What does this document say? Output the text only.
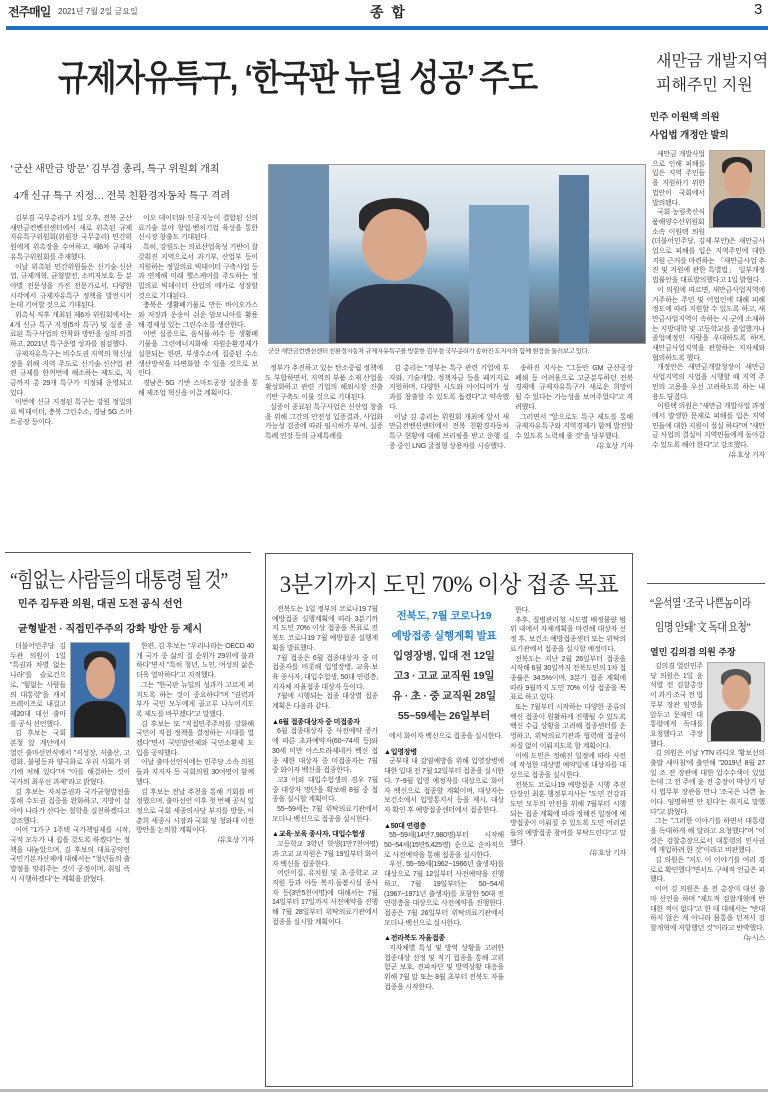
전주매일 2021년 7월 2일 금요일	종 합	3
규제자유특구, ‘한국판 뉴딜 성공’ 주도
‘군산 새만금 방문’ 김부겸 총리, 특구 위원회 개최
4개 신규 특구 지정… 전북 친환경자동차 특구 격려

김부겸 국무총리가 1일 오후, 전북 군산 새만금컨벤션센터에서 새로 위촉된 규제자유특구위원회(위원장 국무총리) 민간위원에게 위촉장을 수여하고, 제6차 규제자유특구위원회를 주재했다.

이날 위촉된 민간위원들은 신기술·신산업, 규제개혁, 균형발전, 소비자보호 등 분야별 전문성을 가진 전문가로서, 다양한 시각에서 규제자유특구 정책을 발전시키는데 기여할 것으로 기대된다.

위촉식 직후 개최된 제6차 위원회에서는 4개 신규 특구 지정(5차 특구) 및 실증 종료된 특구사업의 안착화 방안을 심의·의결하고, 2021년 특구운영 성과를 점검했다.

규제자유특구는 비수도권 지역의 혁신성장을 위해 지역 주도로 신기술·신산업 관련 규제를 한꺼번에 해소하는 제도로, 지금까지 총 29개 특구가 지정돼 운영되고 있다.

이번에 신규 지정된 특구는 강원 정밀의료 빅데이터, 충북 그린수소, 경남 5G 스마트공장 등이다.

이오 데이터와 인공지능이 결합된 신의료기술 분야 창업·벤처기업 육성을 통한 신시장 창출도 기대된다.

특히, 강원도는 의료산업육성 기반이 잘 갖춰진 지역으로서 과기부, 산업부 등이 지원하는 정밀의료 빅데이터 구축사업 등과 연계해 미래 헬스케어를 주도하는 정밀의료 빅데이터 산업의 메카로 성장할 것으로 기대된다.

충북은 생활폐기물로 만든 바이오가스와 저장과 운송이 쉬운 암모니아를 활용해 경제성 있는 그린수소를 생산한다.

이번 실증으로, 음식물·하수 등 생활폐기물을 그린에너지화해 자원순환경제가 실현되는 한편, 부생수소에 집중된 수소 생산방식을 다변화할 수 있을 것으로 보인다.

경남은 5G 기반 스마트공장 실증을 통해 제조업 혁신을 이끌 계획이다.

군산 새만금컨벤션센터 친환경자동차 규제자유특구를 방문한 김부겸 국무총리가 송하진 도지사와 함께 현장을 둘러보고 있다.

정부가 추진하고 있는 탄소중립 정책에도 부합하면서, 지역의 부품·소재 산업을 활성화하고 관련 기업의 해외시장 진출 기반 구축도 이룰 것으로 기대된다.

실증이 종료된 특구사업은 신산업 창출을 위해 그간의 안전성 입증결과, 사업화 가능성 검증에 따라 임시허가 부여, 실증특례 연장 등의 규제특례를

김 총리는 "정부는 특구 관련 기업에 투자와, 기술개발, 정책자금 등을 패키지로 지원하며, 다양한 시도와 아이디어가 성과를 창출할 수 있도록 돕겠다"고 약속했다.

이날 김 총리는 위원회 개최에 앞서 새만금컨벤션센터에서 전북 친환경자동차특구 현황에 대해 브리핑을 받고 운행 실증 중인 LNG 굴절형 상용차를 시승했다.

송하진 지사는 "그동안 GM 군산공장 폐쇄 등 어려움으로 고군분투하던 전북 경제에 규제자유특구가 새로운 희망이 될 수 있다는 가능성을 보여주었다"고 격려했다.

그러면서 "앞으로도 특구 제도를 통해 규제자유특구와 지역경제가 함께 발전할 수 있도록 노력해 줄 것"을 당부했다.

/유호상 기자

새만금 개발지역
피해주민 지원
민주 이원택 의원
사업법 개정안 발의

새만금 개발사업으로 인해 피해를 입은 지역 주민들을 지원하기 위한 법안이 국회에서 발의됐다.

국회 농림축산식품해양수산위원회 소속 이원택 의원(더불어민주당, 김제·부안)은 새만금사업으로 피해를 입은 지역주민에 대한 지원 근거를 마련하는 「새만금사업 추진 및 지원에 관한 특별법」 일부개정법률안을 대표발의했다고 1일 밝혔다.

이 의원에 따르면, 새만금사업지역에 거주하는 주민 및 어업인에 대해 피해 정도에 따라 지원할 수 있도록 하고, 새만금사업지역이 속하는 시·군에 소재하는 지방대학 및 고등학교를 졸업했거나 졸업예정인 사람을 우대하도록 하며, 새만금사업지역을 관할하는 지자체와 협의하도록 했다.

개정안은 새만금개발청장이 새만금사업지역의 사업을 시행할 때 지역 주민의 고용을 우선 고려하도록 하는 내용도 담겼다.

이원택 의원은 "새만금 개발사업 과정에서 발생한 문제로 피해를 입은 지역민들에 대한 지원이 절실 하다"며 "새만금 사업의 결실이 지역민들에게 돌아갈 수 있도록 해야 한다"고 강조했다.

/유호상 기자

“힘없는 사람들의 대통령 될 것”
민주 김두관 의원, 대권 도전 공식 선언
균형발전 · 직접민주주의 강화 방안 등 제시

더불어민주당 김두관 의원이 1일 "특권과 차별 없는 나라"를 슬로건으로, "힘없는 사람들의 대통령"을 캐치프레이즈로 내걸고 제20대 대선 출마를 공식 선언했다.

김 후보는 국회 본청 앞 계단에서 열린 출마선언식에서 "저성장, 저출산, 고령화, 불평등과 양극화로 우리 사회가 위기에 처해 있다"며 "이를 해결하는 것이 국가의 최우선 과제"라고 밝혔다.

김 후보는 자치분권과 국가균형발전을 통해 수도권 집중을 완화하고, 지방이 살아야 나라가 산다는 철학을 실천하겠다고 강조했다.

이어 "1가구 1주택 국가책임제를 시작, 국적 모두가 내 집을 갖도록 하겠다"는 정책을 내놓았으며, 김 후보의 대표공약인 국민기본자산제에 대해서는 "청년들의 출발점을 맞춰주는 것이 공정이며, 취임 즉시 시행하겠다"는 계획을 밝혔다.

한편, 김 후보는 "우리나라는 OECD 40개 국가 중 삶의 질 순위가 29위에 불과하다"면서 "특히 청년, 노인, 여성의 삶은 더욱 열악하다"고 지적했다.

그는 "한국판 뉴딜의 성과가 고르게 퍼지도록 하는 것이 중요하다"며 "권력과 부가 국민 모두에게 골고루 나누어지도록 제도를 바꾸겠다"고 말했다.

김 후보는 또 "직접민주주의를 강화해 국민이 직접 정책을 결정하는 시대를 열겠다"면서 국민발안제와 국민소환제 도입을 공약했다.

이날 출마선언식에는 민주당 소속 의원들과 지지자 등 국회의원 30여명이 함께 했다.

김 후보는 전날 추천을 통해 기회를 비정했으며, 출마선언 이후 첫 번째 공식 일정으로 국회 세종의사당 부지를 방문, 이춘희 세종시 시장과 국회 및 청와대 이전 방안을 논의할 계획이다.

/유호상 기자

3분기까지 도민 70% 이상 접종 목표

전북도는 1일 정부의 코로나19 7월 예방접종 실행계획에 따라 3분기까지 도민 70% 이상 접종을 목표로 전북도 코로나19 7월 예방접종 실행계획을 발표했다.

7월 접종은 6월 접종대상자 중 미접종자를 비롯해 입영장병, 교육·보육 종사자, 대입수험생, 50대 연령층, 지자체 자율접종 대상자 등이다.

7월에 시행되는 접종 대상별 접종 계획은 다음과 같다.

▲6월 접종대상자 중 미접종자

6월 접종대상자 중 사전예약 증가에 따른 초과예약자(60~74세 등)와 30세 미만 아스트라제네카 백신 접종 제한 대상자 중 미접종자는 7월 중 화이자 백신을 접종한다.

고3 이외 대입수험생의 경우 7월 중 대상자 명단을 확보해 8월 중 접종을 실시할 계획이다.

55~59세는 7월 위탁의료기관에서 모더나 백신으로 접종을 실시한다.

▲교육·보육 종사자, 대입수험생

고등학교 3학년 학생(1만7천여명)과 고교 교직원은 7월 19일부터 화이자 백신을 접종한다.

어린이집, 유치원 및 초·중학교 교직원 등과 아동 복지·돌봄시설 종사자 등(3만5천여명)에 대해서는 7월 14일부터 17일까지 사전예약을 진행해 7월 28일부터 위탁의료기관에서 접종을 실시할 계획이다.

전북도, 7월 코로나19
예방접종 실행계획 발표
입영장병, 입대 전 12일
고3 · 고교 교직원 19일
유 · 초 · 중 교직원 28일
55~59세는 26일부터

에서 화이자 백신으로 접종을 실시한다.

▲입영장병

군부대 내 감염예방을 위해 입영장병에 대한 입대 전 7월 12일부터 접종을 실시한다. 7~9월 입영 예정자를 대상으로 화이자 백신으로 접종할 계획이며, 대상자는 보건소에서 입영통지서 등을 제시, 대상자 확인 후 예방접종센터에서 접종한다.

▲50대 연령층

55~59세(14만7,980명)부터 시작해 50~54세(15만5,425명) 순으로 순차적으로 사전예약을 통해 접종을 실시한다.

우선, 55~59세(1962~1966년 출생자)를 대상으로 7월 12일부터 사전예약을 진행하고, 7월 19일부터는 50~54세(1967~1971년 출생자)를 포함한 50대 전 연령층을 대상으로 사전예약을 진행한다. 접종은 7월 26일부터 위탁의료기관에서 모더나 백신으로 실시한다.

▲전라북도 자율접종

지자체별 특성 및 방역 상황을 고려한 접종대상 선정 및 적기 접종을 통해 고위험군 보호, 전파차단 및 방역상황 대응을 위해 7월 말 또는 8월 초부터 전북도 자율접종을 시작한다.

한다.

추후, 질병관리청 시도별 배정물량 범위 내에서 자체계획을 마련해 대상자 선정 후, 보건소 예방접종센터 또는 위탁의료기관에서 접종을 실시할 예정이다.

전북도는 지난 2월 26일부터 접종을 시작해 6월 30일까지 전북도민의 1차 접종률은 34.5%이며, 3분기 접종 계획에 따라 9월까지 도민 70% 이상 접종을 목표로 하고 있다.

또는 7월부터 시작하는 다양한 종류의 백신 접종이 원활하게 진행될 수 있도록 백신 수급 상황을 고려해 접종센터를 운영하고, 위탁의료기관과 협력해 접종이 차질 없이 이뤄지도록 할 계획이다.

이에 도민은 정해진 일정에 따라 사전에 작성한 대상별 예약일에 대상자를 대상으로 접종을 실시한다.

전북도 코로나19 예방접종 시행 추진단장인 최훈 행정부지사는 "도민 건강과 도민 모두의 안전을 위해 7월부터 시행되는 접종 계획에 따라 정해진 일정에 예방접종이 이뤄질 수 있도록 도민 여러분들의 예방접종 참여를 부탁드린다"고 말했다.

/유호상 기자

“윤석열 ‘조국 나쁜놈이라
임명 안돼’ 文 독대 요청”
열민 김의겸 의원 주장

김의겸 열린민주당 의원은 1일 윤석열 전 검찰총장이 과거 조국 전 법무부 장관 임명을 앞두고 문재인 대통령에게 독대를 요청했다고 주장했다.

김 의원은 이날 YTN 라디오 '황보선의 출발 새아침'에 출연해 "2019년 8월 27일 조 전 장관에 대한 압수수색이 있었는데 그 전 주에 윤 전 총장이 박상기 당시 법무부 장관을 만나 '조국은 나쁜 놈이다. 임명하면 안 된다'는 취지로 말했다"고 밝혔다.

그는 "그러한 이야기를 하면서 대통령을 독대하게 해 달라고 요청했다"며 "이것은 검찰총장으로서 대통령의 인사권에 개입하려 한 것"이라고 비판했다.

김 의원은 "저도 이 이야기를 여러 경로로 확인했다"면서도 구체적 언급은 피했다.

이어 김 의원은 윤 전 총장이 대선 출마 선언을 하며 "제도적 검찰개혁에 반대한 적이 없다"고 한 데 대해서는 "반대하지 않은 게 아니라 몸통을 던져서 검찰개혁에 저항했던 것"이라고 반박했다.

/뉴시스
